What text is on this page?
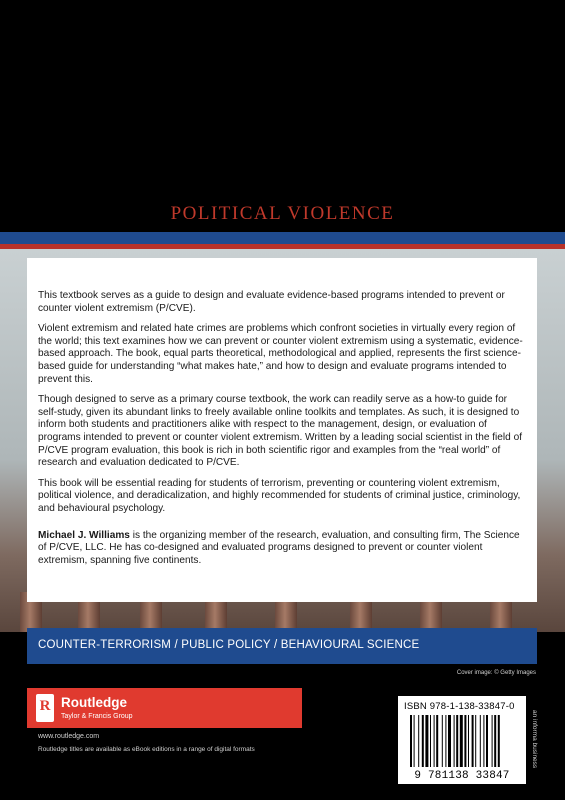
POLITICAL VIOLENCE

This textbook serves as a guide to design and evaluate evidence-based programs intended to prevent or counter violent extremism (P/CVE).

Violent extremism and related hate crimes are problems which confront societies in virtually every region of the world; this text examines how we can prevent or counter violent extremism using a systematic, evidence-based approach. The book, equal parts theoretical, methodological and applied, represents the first science-based guide for understanding “what makes hate,” and how to design and evaluate programs intended to prevent this.

Though designed to serve as a primary course textbook, the work can readily serve as a how-to guide for self-study, given its abundant links to freely available online toolkits and templates. As such, it is designed to inform both students and practitioners alike with respect to the management, design, or evaluation of programs intended to prevent or counter violent extremism. Written by a leading social scientist in the field of P/CVE program evaluation, this book is rich in both scientific rigor and examples from the “real world” of research and evaluation dedicated to P/CVE.

This book will be essential reading for students of terrorism, preventing or countering violent extremism, political violence, and deradicalization, and highly recommended for students of criminal justice, criminology, and behavioural psychology.

Michael J. Williams is the organizing member of the research, evaluation, and consulting firm, The Science of P/CVE, LLC. He has co-designed and evaluated programs designed to prevent or counter violent extremism, spanning five continents.

COUNTER-TERRORISM / PUBLIC POLICY / BEHAVIOURAL SCIENCE
Cover image: © Getty Images
R Routledge
Taylor & Francis Group
www.routledge.com
Routledge titles are available as eBook editions in a range of digital formats
ISBN 978-1-138-33847-0
9 781138 33847
an informa business
